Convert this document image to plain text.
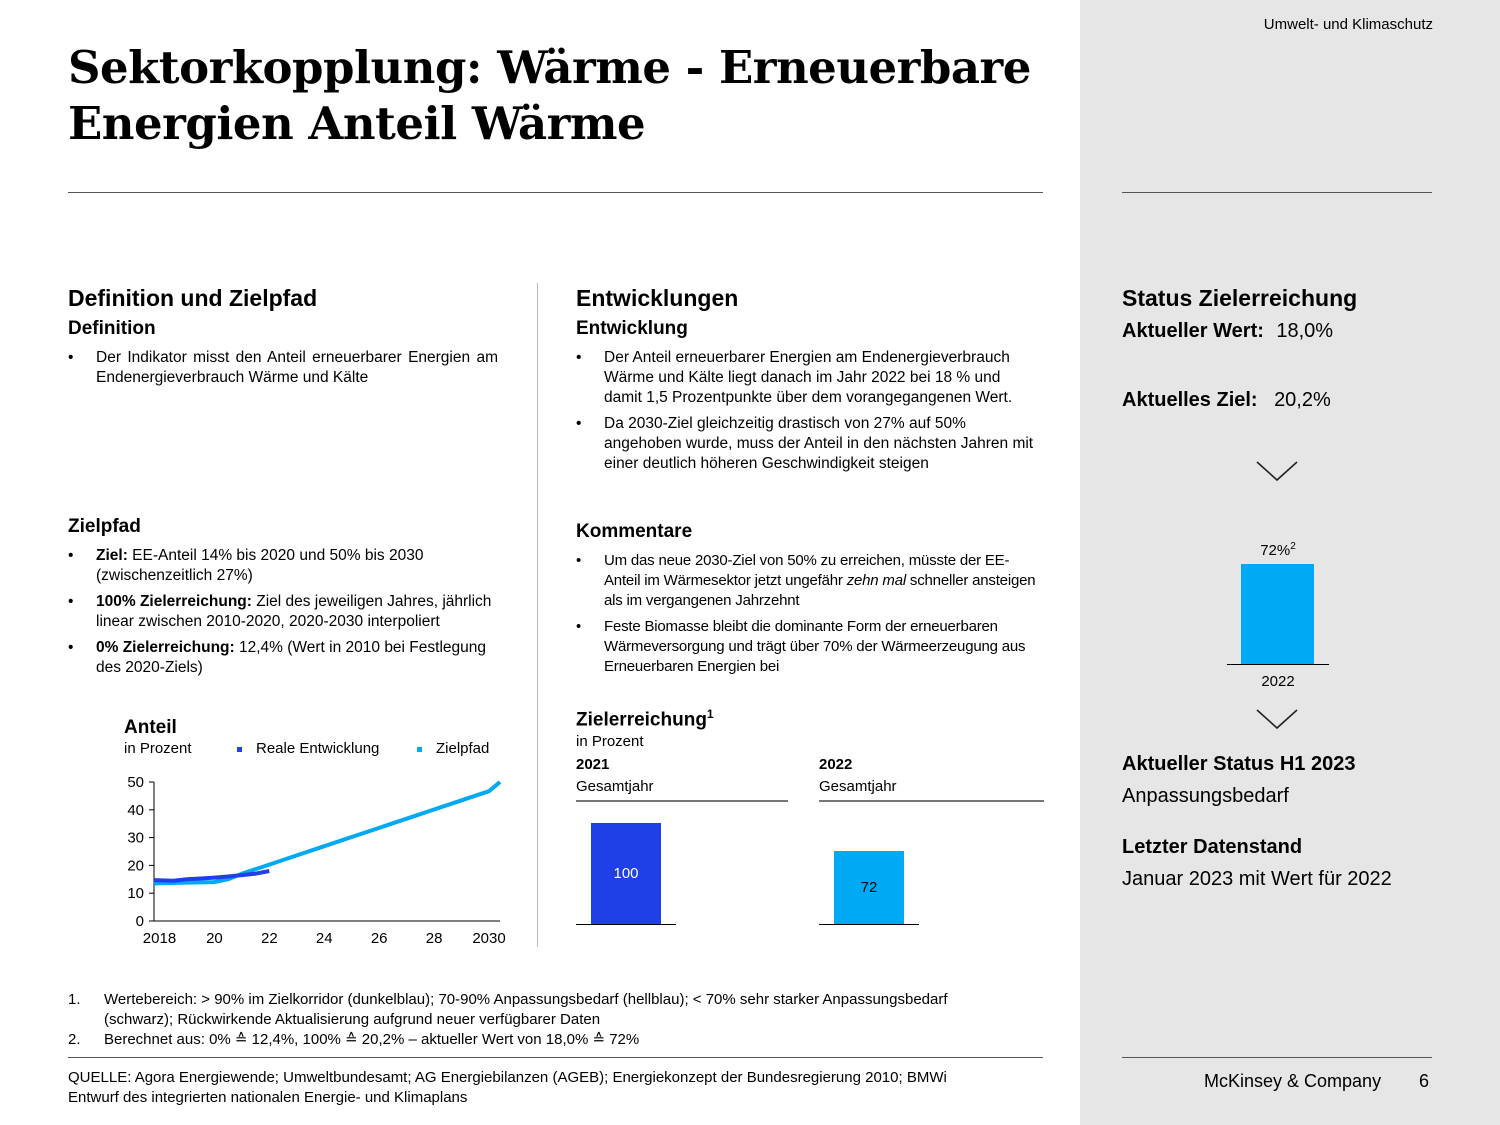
Umwelt- und Klimaschutz
Sektorkopplung: Wärme - Erneuerbare
Energien Anteil Wärme
Definition und Zielpfad
Definition
• Der Indikator misst den Anteil erneuerbarer Energien am Endenergieverbrauch Wärme und Kälte
Zielpfad
• Ziel: EE-Anteil 14% bis 2020 und 50% bis 2030 (zwischenzeitlich 27%)
• 100% Zielerreichung: Ziel des jeweiligen Jahres, jährlich linear zwischen 2010-2020, 2020-2030 interpoliert
• 0% Zielerreichung: 12,4% (Wert in 2010 bei Festlegung des 2020-Ziels)
Anteil
in Prozent	Reale Entwicklung	Zielpfad
0
10
20
30
40
50
2018 20	22	24	26	28 2030
Entwicklungen
Entwicklung
• Der Anteil erneuerbarer Energien am Endenergieverbrauch Wärme und Kälte liegt danach im Jahr 2022 bei 18 % und damit 1,5 Prozentpunkte über dem vorangegangenen Wert.
• Da 2030-Ziel gleichzeitig drastisch von 27% auf 50% angehoben wurde, muss der Anteil in den nächsten Jahren mit einer deutlich höheren Geschwindigkeit steigen
Kommentare
• Um das neue 2030-Ziel von 50% zu erreichen, müsste der EE-Anteil im Wärmesektor jetzt ungefähr zehn mal schneller ansteigen als im vergangenen Jahrzehnt
• Feste Biomasse bleibt die dominante Form der erneuerbaren Wärmeversorgung und trägt über 70% der Wärmeerzeugung aus Erneuerbaren Energien bei
Zielerreichung$^1$
in Prozent
2021
Gesamtjahr
2022
Gesamtjahr
100
72
Status Zielerreichung
Aktueller Wert: 18,0%
Aktuelles Ziel: 20,2%
72%$^2$
2022
Aktueller Status H1 2023
Anpassungsbedarf
Letzter Datenstand
Januar 2023 mit Wert für 2022
1.	Wertebereich: > 90% im Zielkorridor (dunkelblau); 70-90% Anpassungsbedarf (hellblau); < 70% sehr starker Anpassungsbedarf (schwarz); Rückwirkende Aktualisierung aufgrund neuer verfügbarer Daten
2.	Berechnet aus: 0% ≙ 12,4%, 100% ≙ 20,2% – aktueller Wert von 18,0% ≙ 72%
QUELLE: Agora Energiewende; Umweltbundesamt; AG Energiebilanzen (AGEB); Energiekonzept der Bundesregierung 2010; BMWi Entwurf des integrierten nationalen Energie- und Klimaplans
McKinsey & Company 6
